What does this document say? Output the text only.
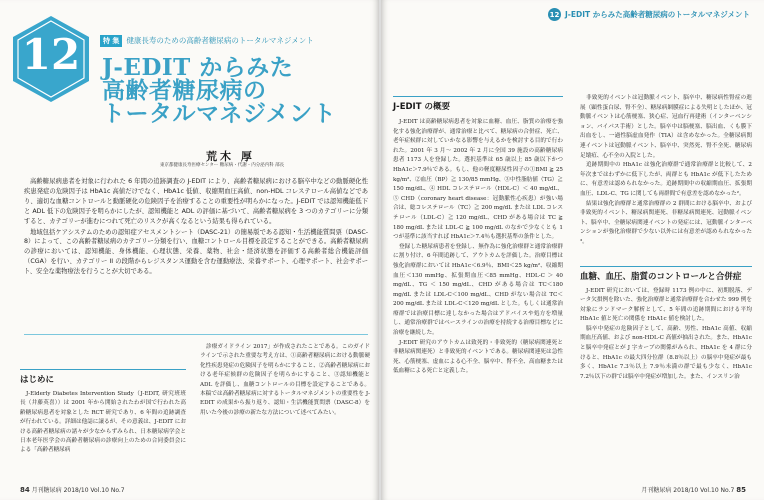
12	特 集 健康長寿のための高齢者糖尿病のトータルマネジメント
J-EDIT からみた
高齢者糖尿病の
トータルマネジメント
荒木 厚
東京都健康長寿医療センター 糖尿病・代謝・内分泌内科 部長

高齢糖尿病患者を対象に行われた 6 年間の追跡調査の J-EDIT により、高齢者糖尿病における脳卒中などの動脈硬化性疾患発症の危険因子は HbA1c 高値だけでなく、HbA1c 低値、収縮期血圧高値、non-HDL コレステロール高値などであり、適切な血糖コントロールと動脈硬化の危険因子を治療することの重要性が明らかになった。J-EDIT では認知機能低下と ADL 低下の危険因子を明らかにしたが、認知機能と ADL の評価に基づいて、高齢者糖尿病を 3 つのカテゴリーに分類すると、カテゴリーが進むにつれて死亡のリスクが高くなるという結果も得られている。

地域包括ケアシステムのための認知症アセスメントシート（DASC-21）の簡易版である認知・生活機能質問票（DASC-8）によって、この高齢者糖尿病のカテゴリー分類を行い、血糖コントロール目標を設定することができる。高齢者糖尿病の診療においては、認知機能、身体機能、心理状態、栄養、薬物、社会・経済状態を評価する高齢者総合機能評価（CGA）を行い、カテゴリー II の段階からレジスタンス運動を含む運動療法、栄養サポート、心理サポート、社会サポート、安全な薬物療法を行うことが大切である。

はじめに

J-Elderly Diabetes Intervention Study（J-EDIT, 研究班班長（井藤英喜））は 2001 年から開始されたわが国で行われた高齢糖尿病患者を対象とした RCT 研究であり、6 年間の追跡調査が行われている。詳細は他誌に譲るが、その意義は、J-EDIT における高齢者糖尿病の諸々が少なからずみられ、日本糖尿病学会と日本老年医学会の高齢者糖尿病の診療向上のための合同委員会による「高齢者糖尿病

診療ガイドライン 2017」が作成されたことである。このガイドラインで示された重要な考え方は、①高齢者糖尿病における動脈硬化性疾患発症の危険因子を明らかにすること、②高齢者糖尿病における老年症候群の危険因子を明らかにすること、③認知機能と ADL を評価し、血糖コントロールの目標を設定することである。本稿では高齢者糖尿病に対するトータルマネジメントの重要性を J-EDIT の成果から振り返り、認知・生活機能質問票（DASC-8）を用いた今後の診療の新たな方法について述べてみたい。

84 月刊糖尿病 2018/10 Vol.10 No.7
12 J-EDIT からみた高齢者糖尿病のトータルマネジメント
J-EDIT の概要

J-EDIT は高齢糖尿病患者を対象に血糖、血圧、脂質の治療を強化する強化治療群が、通常治療と比べて、糖尿病の合併症、死亡、老年症候群に対していかなる影響を与えるかを検討する目的で行われた。2001 年 3 月〜 2002 年 2 月に全国 39 施設の高齢糖尿病患者 1173 人を登録した。選択基準は 65 歳以上 85 歳以下かつ HbA1c＞7.9％である。もし、他の軽度糖尿性因子の①BMI ≧ 25 kg/m²、②血圧（BP）≧ 130/85 mmHg、③中性脂肪値（TG）≧ 150 mg/dL、④ HDL コレステロール（HDL-C）＜ 40 mg/dL、⑤ CHD（coronary heart disease：冠動脈性心疾患）が強い場合は、総コレステロール（TC）≧ 200 mg/dL または LDL コレステロール（LDL-C）≧ 120 mg/dL、CHD がある場合は TC ≧ 180 mg/dL または LDL-C ≧ 100 mg/dL のなかで少なくとも 1 つが基準に該当すれば HbA1c＞7.4％も選択基準の条件とした。

登録した糖尿病患者を登録し、無作為に強化治療群と通常治療群に割り付け、6 年間追跡して、アウトカムを評価した。治療目標は強化治療群においては HbA1c＜6.9％、BMI＜25 kg/m²、収縮期血圧＜130 mmHg、拡張期血圧＜85 mmHg、HDL-C ＞ 40 mg/dL、TG ＜ 150 mg/dL、CHD がある場合は TC＜180 mg/dL または LDL-C＜100 mg/dL、CHD がない場合は TC＜200 mg/dL または LDL-C＜120 mg/dL とした。もしくは通常治療群では治療目標に達しなかった場合はアドバイスや処方を増量し、通常治療群ではベースラインの治療を持続する治療目標などに治療を継続した。

J-EDIT 研究のアウトカムは致死的・非致死的（糖尿病関連死と非糖尿病関連死）と非致死的イベントである。糖尿病関連死は急性死、心筋梗塞、虚血による心不全、脳卒中、腎不全、高血糖または低血糖による死亡と定義した。

非致死的イベントは冠動脈イベント、脳卒中、糖尿病性腎症の進展（顕性蛋白尿、腎不全）、糖尿病網膜症による失明としたほか、冠動脈イベントは心筋梗塞、狭心症、冠血行再建術（インターベンション、バイパス手術）とした。脳卒中は脳梗塞、脳出血、くも膜下出血をし、一過性脳虚血発作（TIA）は含めなかった。全糖尿病関連イベントは冠動脈イベント、脳卒中、突然死、腎不全死、糖尿病足壊疽、心不全の入院とした。

追跡期間中の HbA1c は強化治療群で通常治療群と比較して、2 年次まではわずかに低下したが、両群とも HbA1c が低下したために、有意差は認められなかった。追跡期間中の収縮期血圧、拡張期血圧、LDL-C、TG に関しても両群間で有意差を認めなかった²。

結果は強化治療群と通常治療群の 2 群間における脳卒中、および非致死的イベント、糖尿病関連死、非糖尿病関連死、冠動脈イベント、脳卒中、全糖尿病関連イベントの発症には、冠動脈インターベンションが強化治療群で少ない以外には有意差が認められなかった³。

血糖、血圧、脂質のコントロールと合併症

J-EDIT 研究においては、登録時 1173 例の中に、初期脱落、データ欠損例を除いた、強化治療群と通常治療群を合わせた 999 例を対象にランドマーク解析として、5 年間の追跡期間における平均 HbA1c 値と死亡の関係を HbA1c 値を検討した。

脳卒中発症の危険因子として、高齢、男性、HbA1c 高値、収縮期血圧高値、および non-HDL-C 高値が抽出された。また、HbA1c と脳卒中発症とが J 字カーブの関係がみられ、HbA1c を 4 群に分けると、HbA1c の最大四分位群（8.8％以上）の脳卒中発症が最も多く、HbA1c 7.3％以上 7.9％未満の群で最も少なく、HbA1c 7.2％以下の群では脳卒中発症が増加した。また、インスリン治

月刊糖尿病 2018/10 Vol.10 No.7 85
